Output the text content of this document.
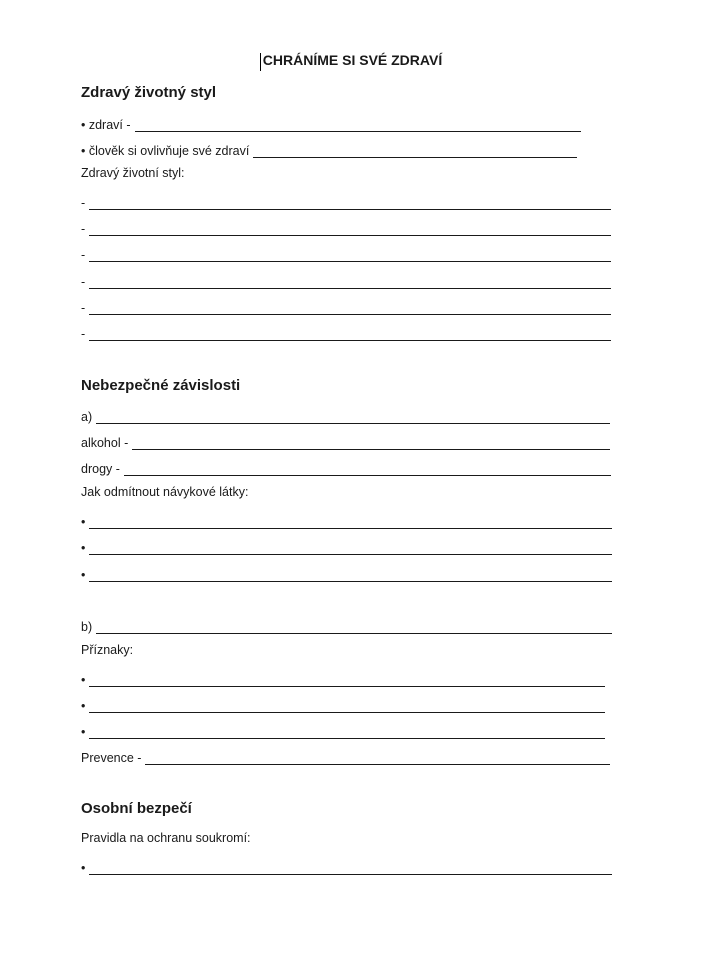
CHRÁNÍME SI SVÉ ZDRAVÍ
Zdravý životný styl
• zdraví -
• člověk si ovlivňuje své zdraví
Zdravý životní styl:
-
-
-
-
-
-
Nebezpečné závislosti
a)
alkohol -
drogy -
Jak odmítnout návykové látky:
•
•
•
b)
Příznaky:
•
•
•
Prevence -
Osobní bezpečí
Pravidla na ochranu soukromí:
•
